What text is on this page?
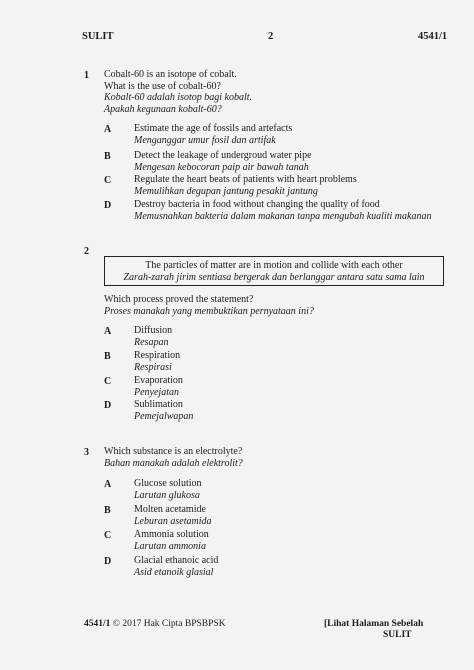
SULIT	2	4541/1
1 Cobalt-60 is an isotope of cobalt.
What is the use of cobalt-60?
Kobalt-60 adalah isotop bagi kobalt.
Apakah kegunaan kobalt-60?
A Estimate the age of fossils and artefacts
Menganggar umur fosil dan artifak
B Detect the leakage of undergroud water pipe
Mengesan kebocoran paip air bawah tanah
C Regulate the heart beats of patients with heart problems
Memulihkan degupan jantung pesakit jantung
D Destroy bacteria in food without changing the quality of food
Memusnahkan bakteria dalam makanan tanpa mengubah kualiti makanan
2
The particles of matter are in motion and collide with each other
Zarah-zarah jirim sentiasa bergerak dan berlanggar antara satu sama lain
Which process proved the statement?
Proses manakah yang membuktikan pernyataan ini?
A Diffusion
Resapan
B Respiration
Respirasi
C Evaporation
Penyejatan
D Sublimation
Pemejalwapan
3 Which substance is an electrolyte?
Bahan manakah adalah elektrolit?
A Glucose solution
Larutan glukosa
B Molten acetamide
Leburan asetamida
C Ammonia solution
Larutan ammonia
D Glacial ethanoic acid
Asid etanoik glasial
4541/1 © 2017 Hak Cipta BPSBPSK	[Lihat Halaman Sebelah
SULIT
